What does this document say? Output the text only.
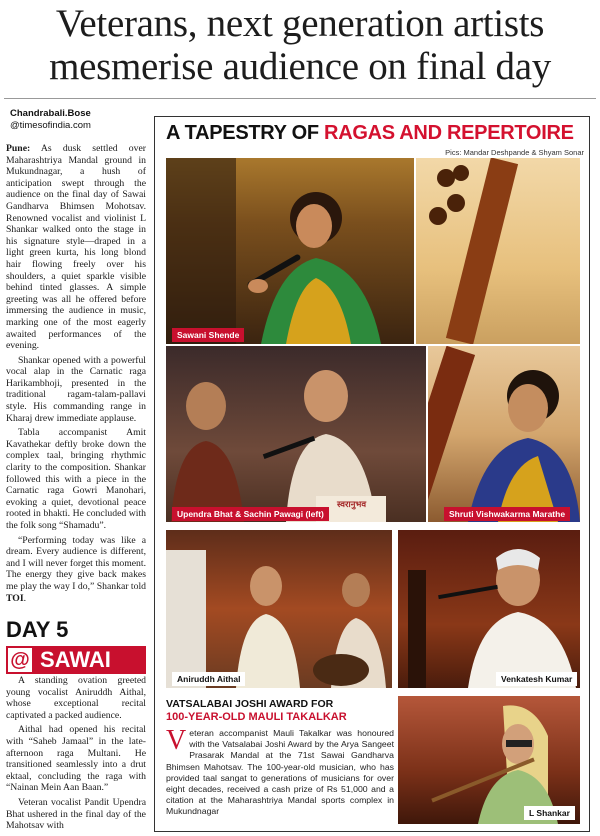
Veterans, next generation artists
mesmerise audience on final day
Chandrabali.Bose
@timesofindia.com

Pune: As dusk settled over Maharashtriya Mandal ground in Mukundnagar, a hush of anticipation swept through the audience on the final day of Sawai Gandharva Bhimsen Mohotsav. Renowned vocalist and violinist L Shankar walked onto the stage in his signature style—draped in a light green kurta, his long blond hair flowing freely over his shoulders, a quiet sparkle visible behind tinted glasses. A simple greeting was all he offered before immersing the audience in music, marking one of the most eagerly awaited performances of the evening.

Shankar opened with a powerful vocal alap in the Carnatic raga Harikambhoji, presented in the traditional ragam-talam-pallavi style. His commanding range in Kharaj drew immediate applause.

Tabla accompanist Amit Kavathekar deftly broke down the complex taal, bringing rhythmic clarity to the composition. Shankar followed this with a piece in the Carnatic raga Gowri Manohari, evoking a quiet, devotional peace rooted in bhakti. He concluded with the folk song “Shamadu”.

“Performing today was like a dream. Every audience is different, and I will never forget this moment. The energy they give back makes me play the way I do,” Shankar told TOI.

DAY 5
@ SAWAI

A standing ovation greeted young vocalist Aniruddh Aithal, whose exceptional recital captivated a packed audience.

Aithal had opened his recital with “Saheb Jamaal” in the late-afternoon raga Multani. He transitioned seamlessly into a drut ektaal, concluding the raga with “Nainan Mein Aan Baan.”

Veteran vocalist Pandit Upendra Bhat ushered in the final day of the Mahotsav with

A TAPESTRY OF RAGAS AND REPERTOIRE
Pics: Mandar Deshpande & Shyam Sonar
Sawani Shende
स्वरानुभव
Upendra Bhat & Sachin Pawagi (left)	Shruti Vishwakarma Marathe
Aniruddh Aithal	Venkatesh Kumar
VATSALABAI JOSHI AWARD FOR
100-YEAR-OLD MAULI TAKALKAR
Veteran accompanist Mauli Takalkar was honoured with the Vatsalabai Joshi Award by the Arya Sangeet Prasarak Mandal at the 71st Sawai Gandharva Bhimsen Mahotsav. The 100-year-old musician, who has provided taal sangat to generations of musicians for over eight decades, received a cash prize of Rs 51,000 and a citation at the Maharashtriya Mandal sports complex in Mukundnagar	L Shankar
